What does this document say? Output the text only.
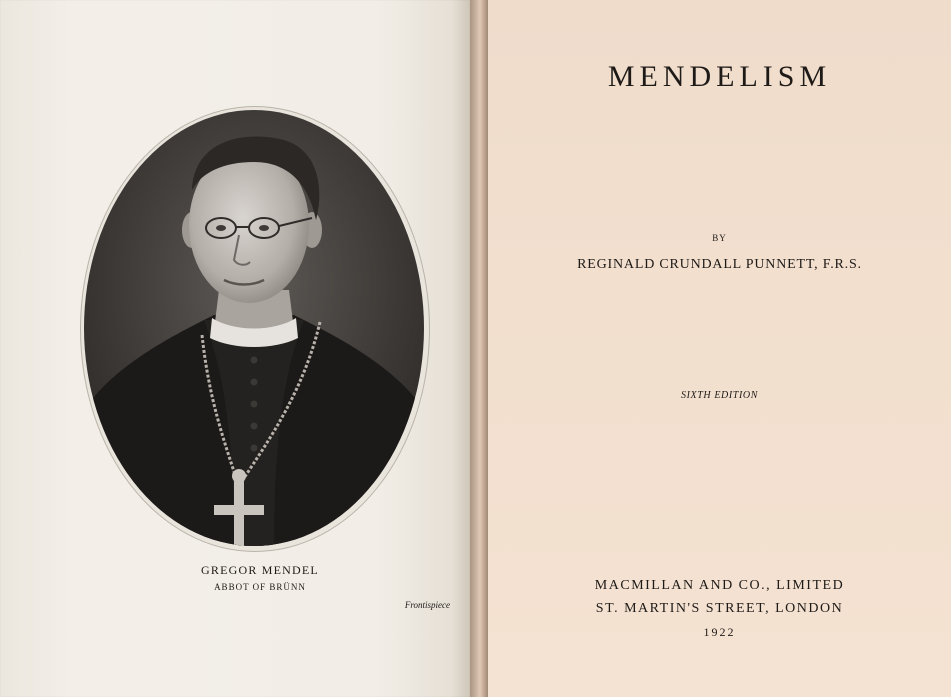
GREGOR MENDEL
ABBOT OF BRÜNN
Frontispiece
MENDELISM
BY
REGINALD CRUNDALL PUNNETT, F.R.S.
SIXTH EDITION
MACMILLAN AND CO., LIMITED
ST. MARTIN'S STREET, LONDON
1922
